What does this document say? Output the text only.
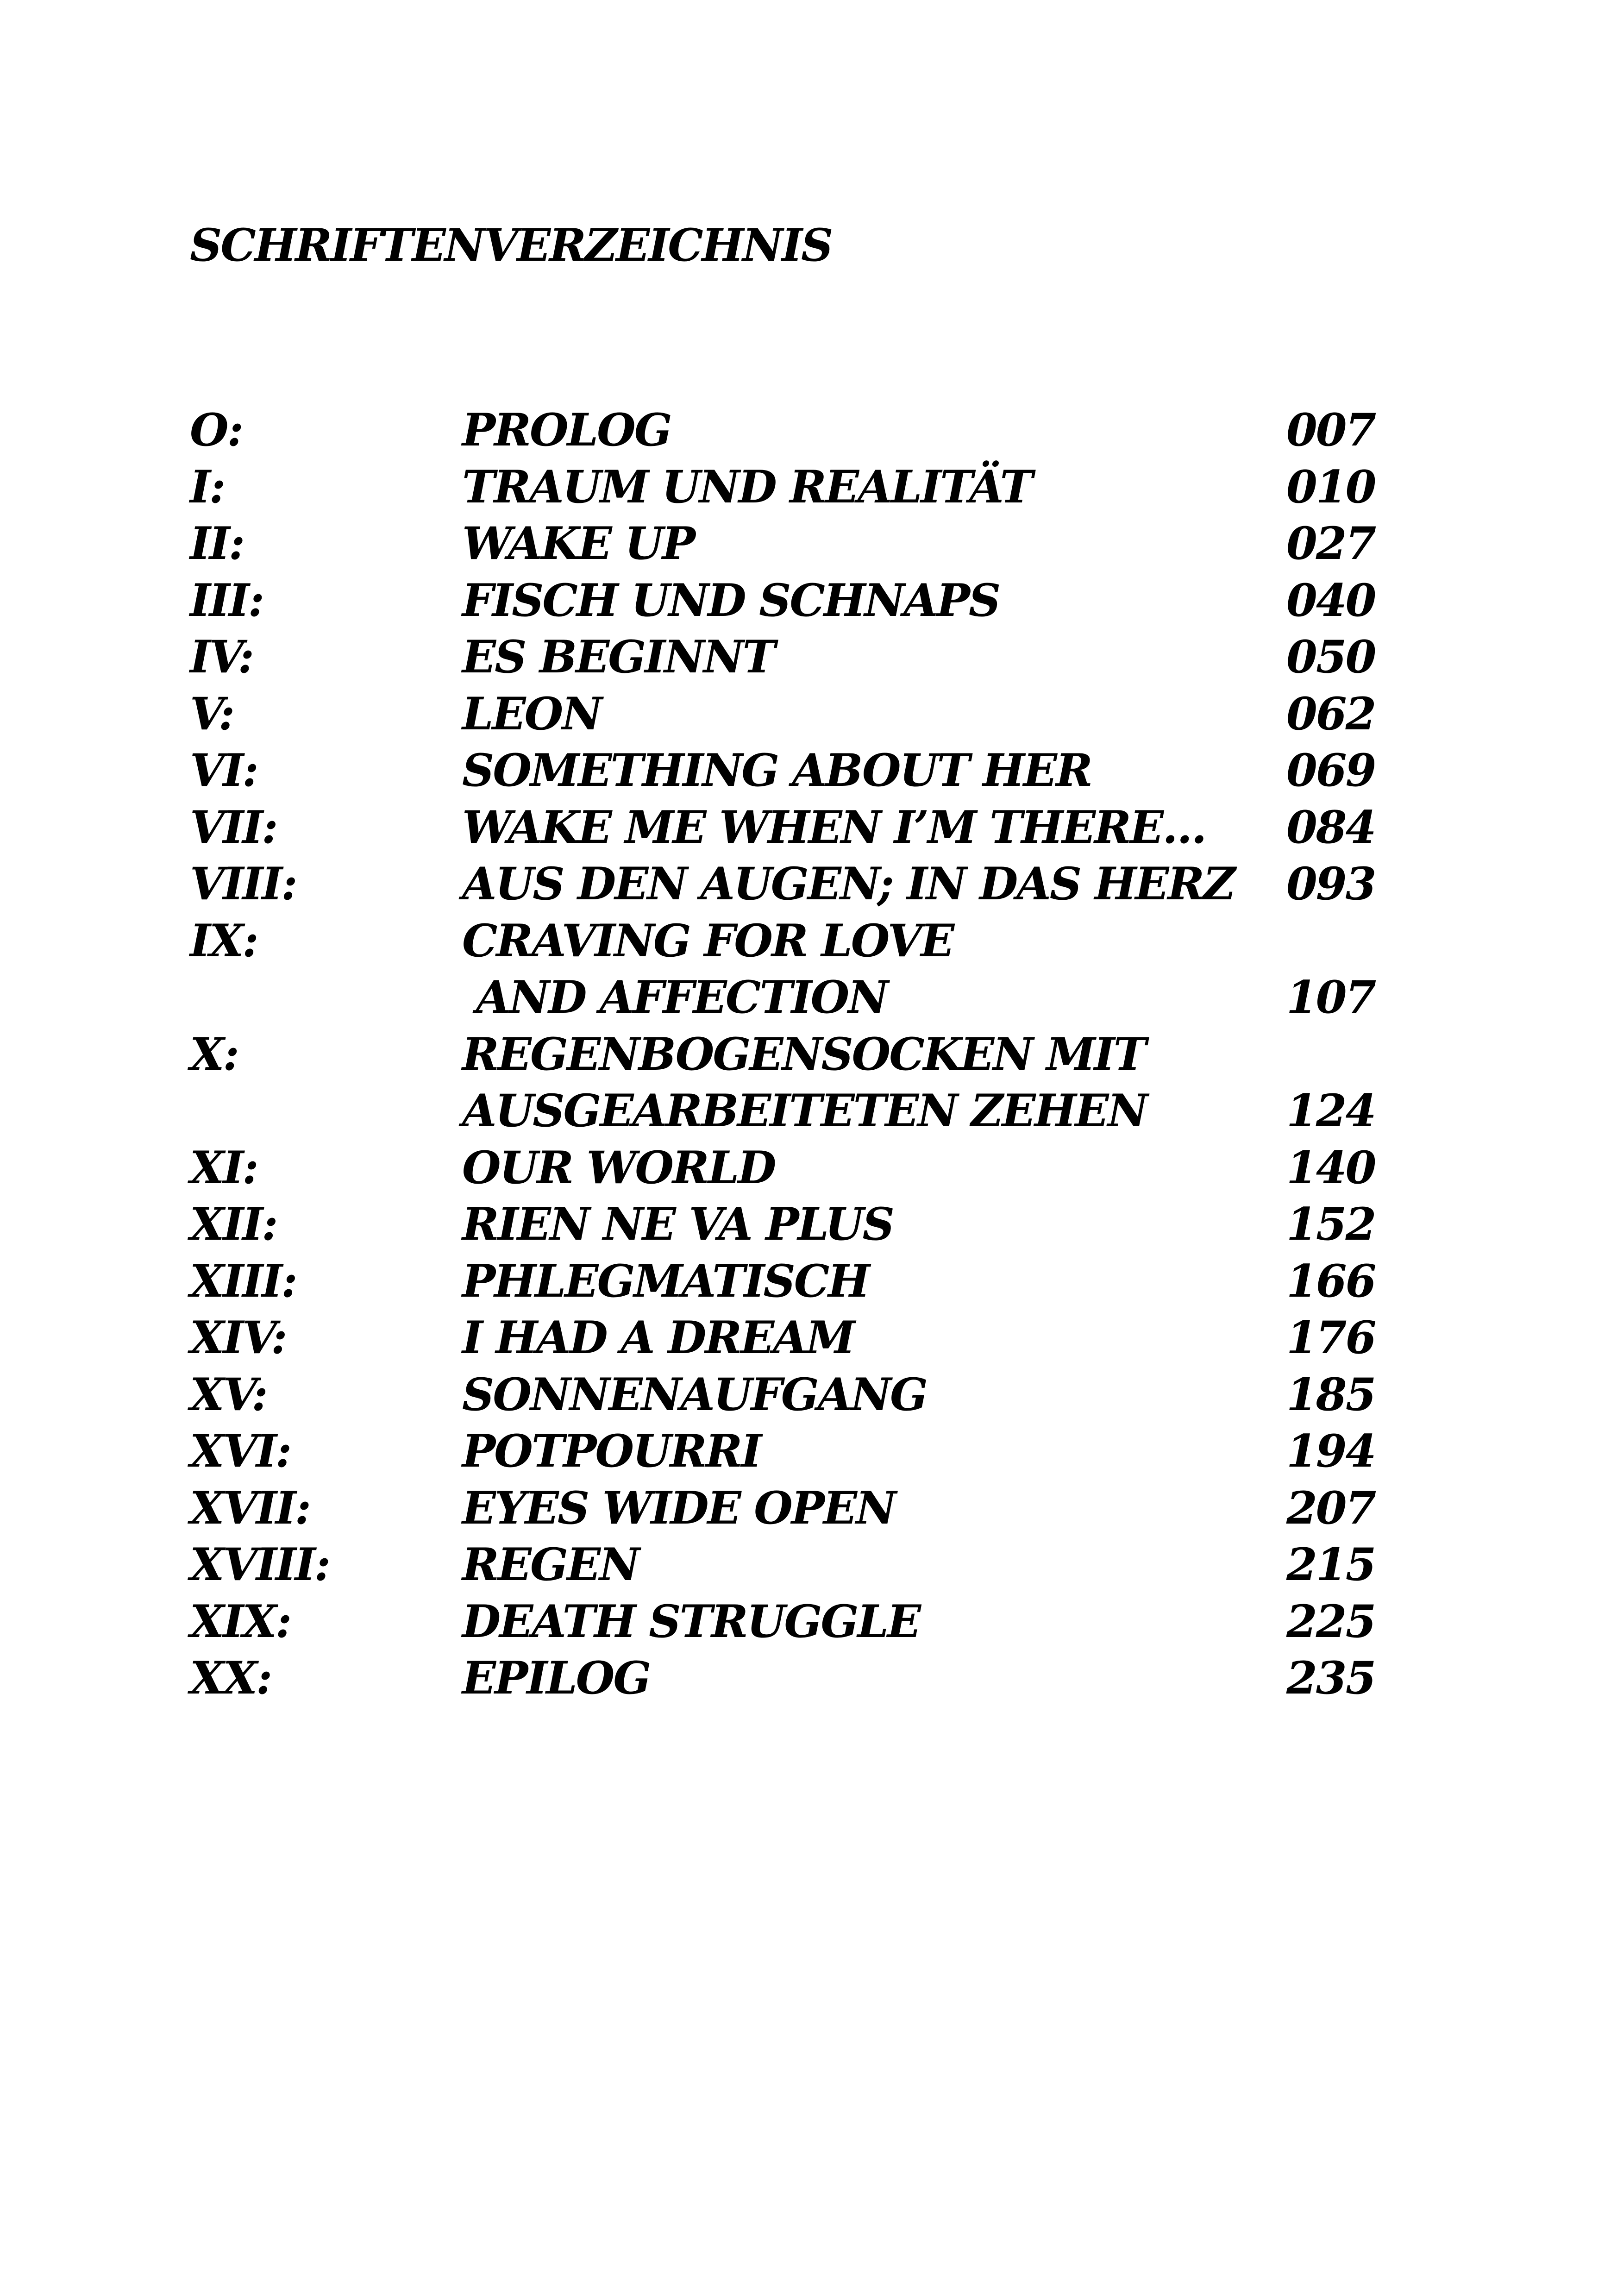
SCHRIFTENVERZEICHNIS
O:	PROLOG	007
I:	TRAUM UND REALITÄT	010
II:	WAKE UP	027
III:	FISCH UND SCHNAPS	040
IV:	ES BEGINNT	050
V:	LEON	062
VI:	SOMETHING ABOUT HER	069
VII:	WAKE ME WHEN I’M THERE… 084
VIII:	AUS DEN AUGEN; IN DAS HERZ 093
IX:	CRAVING FOR LOVE
AND AFFECTION	107
X:	REGENBOGENSOCKEN MIT
AUSGEARBEITETEN ZEHEN	124
XI:	OUR WORLD	140
XII:	RIEN NE VA PLUS	152
XIII:	PHLEGMATISCH	166
XIV:	I HAD A DREAM	176
XV:	SONNENAUFGANG	185
XVI:	POTPOURRI	194
XVII:	EYES WIDE OPEN	207
XVIII:	REGEN	215
XIX:	DEATH STRUGGLE	225
XX:	EPILOG	235
